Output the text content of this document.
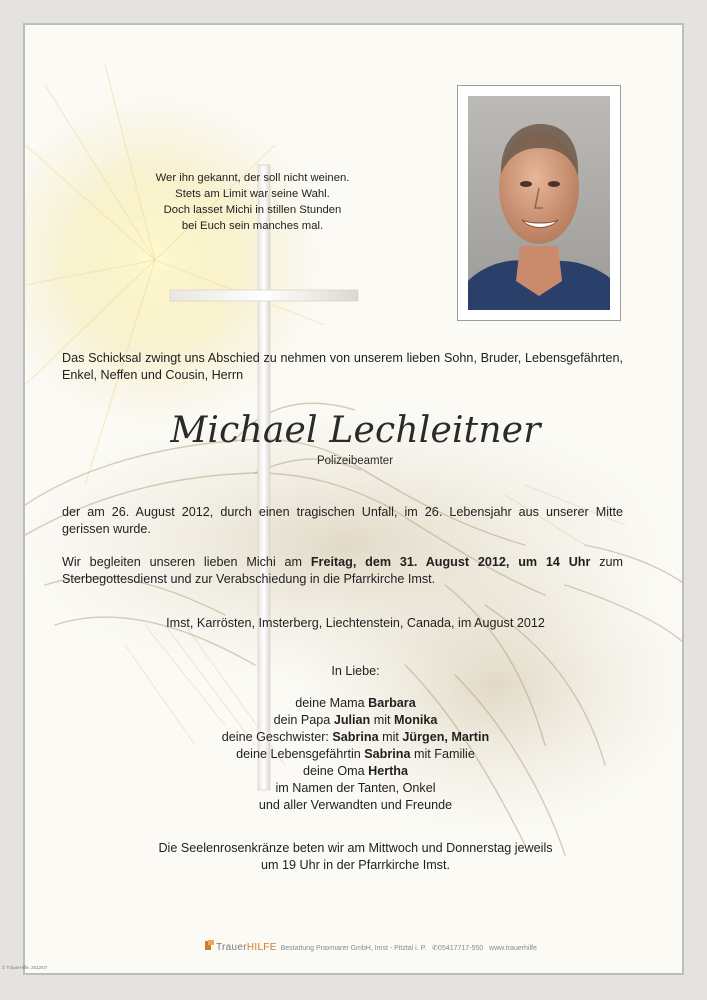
Wer ihn gekannt, der soll nicht weinen.
Stets am Limit war seine Wahl.
Doch lasset Michi in stillen Stunden
bei Euch sein manches mal.
Das Schicksal zwingt uns Abschied zu nehmen von unserem lieben Sohn, Bruder, Lebensgefährten, Enkel, Neffen und Cousin, Herrn
Michael Lechleitner
Polizeibeamter
der am 26. August 2012, durch einen tragischen Unfall, im 26. Lebensjahr aus unserer Mitte gerissen wurde.
Wir begleiten unseren lieben Michi am Freitag, dem 31. August 2012, um 14 Uhr zum Sterbegottesdienst und zur Verabschiedung in die Pfarrkirche Imst.
Imst, Karrösten, Imsterberg, Liechtenstein, Canada, im August 2012
In Liebe:
deine Mama Barbara
dein Papa Julian mit Monika
deine Geschwister: Sabrina mit Jürgen, Martin
deine Lebensgefährtin Sabrina mit Familie
deine Oma Hertha
im Namen der Tanten, Onkel
und aller Verwandten und Freunde
Die Seelenrosenkränze beten wir am Mittwoch und Donnerstag jeweils
um 19 Uhr in der Pfarrkirche Imst.
TrauerHILFE Bestattung Praxmarer GmbH, Imst - Pitztal i. P. ✆05417717-550 www.trauerhilfe
© TrauerHilfe. 2012/07
